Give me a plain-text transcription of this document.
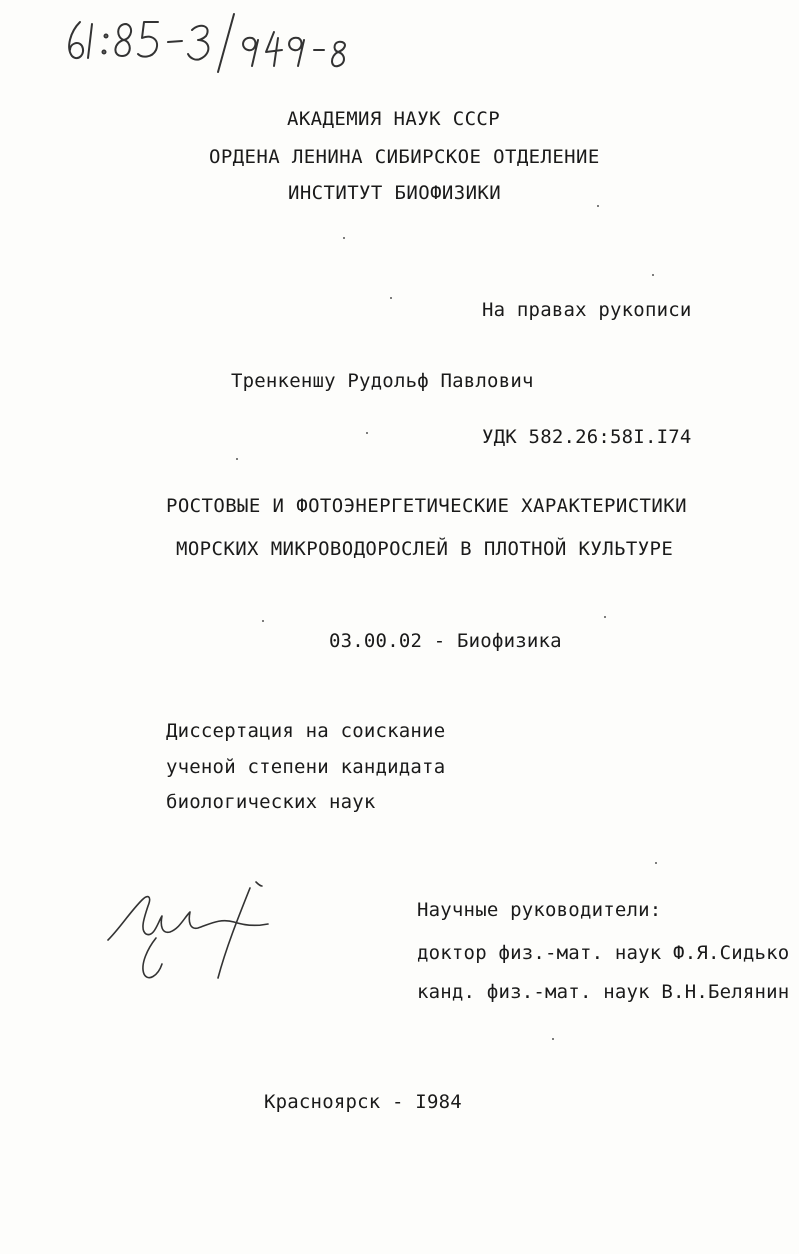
АКАДЕМИЯ НАУК СССР
ОРДЕНА ЛЕНИНА СИБИРСКОЕ ОТДЕЛЕНИЕ
ИНСТИТУТ БИОФИЗИКИ
На правах рукописи
Тренкеншу Рудольф Павлович
УДК 582.26:58I.I74
РОСТОВЫЕ И ФОТОЭНЕРГЕТИЧЕСКИЕ ХАРАКТЕРИСТИКИ
МОРСКИХ МИКРОВОДОРОСЛЕЙ В ПЛОТНОЙ КУЛЬТУРЕ
03.00.02 - Биофизика
Диссертация на соискание
ученой степени кандидата
биологических наук
Научные руководители:
доктор физ.-мат. наук Ф.Я.Сидько
канд. физ.-мат. наук В.Н.Белянин
Красноярск - I984
